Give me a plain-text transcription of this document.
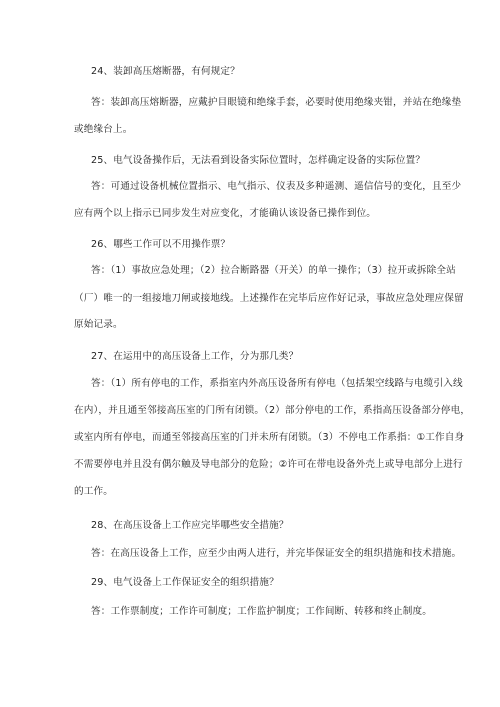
24、装卸高压熔断器，有何规定？
答：装卸高压熔断器，应戴护目眼镜和绝缘手套，必要时使用绝缘夹钳，并站在绝缘垫
或绝缘台上。
25、电气设备操作后，无法看到设备实际位置时，怎样确定设备的实际位置？
答：可通过设备机械位置指示、电气指示、仪表及多种遥测、遥信信号的变化，且至少
应有两个以上指示已同步发生对应变化，才能确认该设备已操作到位。
26、哪些工作可以不用操作票？
答：（1）事故应急处理；（2）拉合断路器（开关）的单一操作；（3）拉开或拆除全站
（厂）唯一的一组接地刀闸或接地线。上述操作在完毕后应作好记录，事故应急处理应保留
原始记录。
27、在运用中的高压设备上工作，分为那几类？
答：（1）所有停电的工作，系指室内外高压设备所有停电（包括架空线路与电缆引入线
在内），并且通至邻接高压室的门所有闭锁。（2）部分停电的工作，系指高压设备部分停电，
或室内所有停电，而通至邻接高压室的门并未所有闭锁。（3）不停电工作系指：①工作自身
不需要停电并且没有偶尔触及导电部分的危险；②许可在带电设备外壳上或导电部分上进行
的工作。
28、在高压设备上工作应完毕哪些安全措施？
答：在高压设备上工作，应至少由两人进行，并完毕保证安全的组织措施和技术措施。
29、电气设备上工作保证安全的组织措施？
答：工作票制度；工作许可制度；工作监护制度；工作间断、转移和终止制度。
